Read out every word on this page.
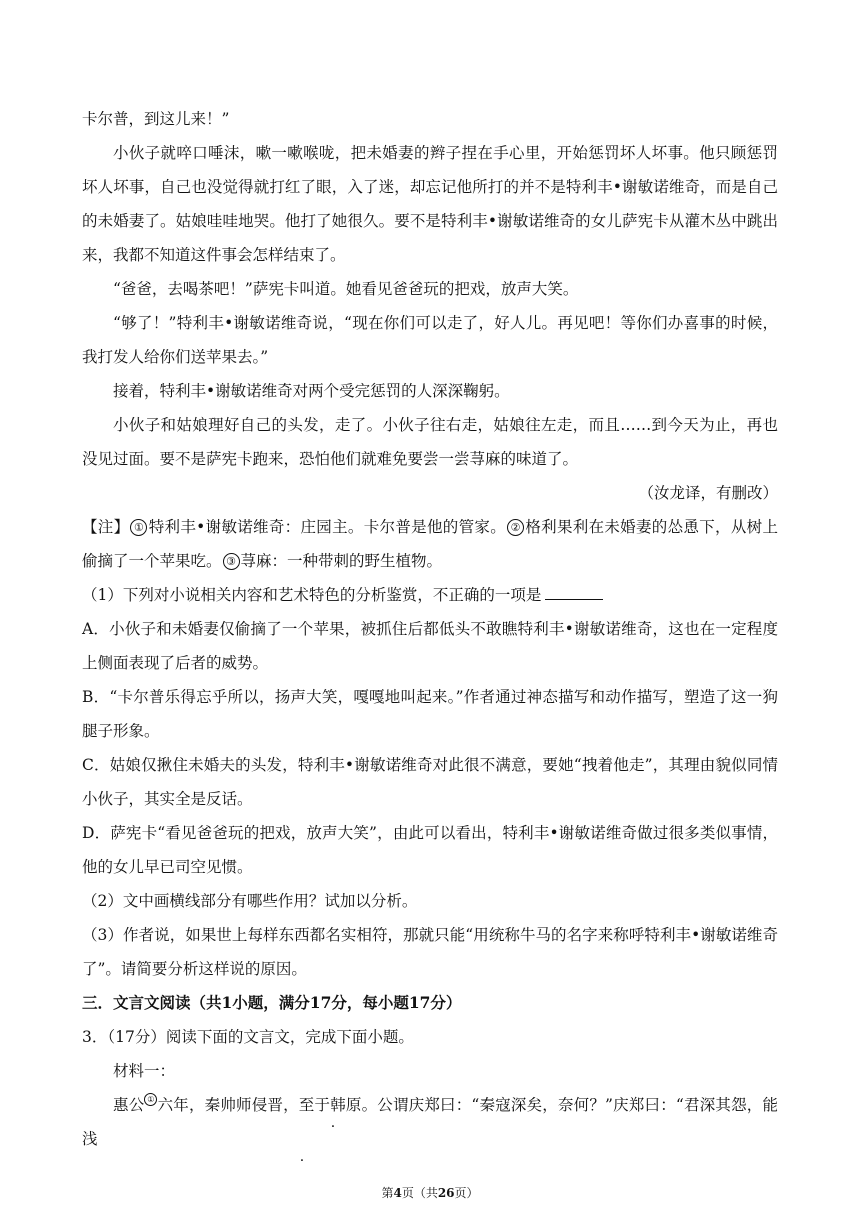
卡尔普，到这儿来！”

小伙子就啐口唾沫，嗽一嗽喉咙，把未婚妻的辫子捏在手心里，开始惩罚坏人坏事。他只顾惩罚坏人坏事，自己也没觉得就打红了眼，入了迷，却忘记他所打的并不是特利丰•谢敏诺维奇，而是自己的未婚妻了。姑娘哇哇地哭。他打了她很久。要不是特利丰•谢敏诺维奇的女儿萨宪卡从灌木丛中跳出来，我都不知道这件事会怎样结束了。

“爸爸，去喝茶吧！”萨宪卡叫道。她看见爸爸玩的把戏，放声大笑。

“够了！”特利丰•谢敏诺维奇说，“现在你们可以走了，好人儿。再见吧！等你们办喜事的时候，我打发人给你们送苹果去。”

接着，特利丰•谢敏诺维奇对两个受完惩罚的人深深鞠躬。

小伙子和姑娘理好自己的头发，走了。小伙子往右走，姑娘往左走，而且……到今天为止，再也没见过面。要不是萨宪卡跑来，恐怕他们就难免要尝一尝荨麻的味道了。

（汝龙译，有删改）

【注】 ① 特利丰•谢敏诺维奇：庄园主。卡尔普是他的管家。 ② 格利果利在未婚妻的怂恿下，从树上偷摘了一个苹果吃。 ③ 荨麻：一种带刺的野生植物。

（1）下列对小说相关内容和艺术特色的分析鉴赏，不正确的一项是

A．小伙子和未婚妻仅偷摘了一个苹果，被抓住后都低头不敢瞧特利丰•谢敏诺维奇，这也在一定程度上侧面表现了后者的威势。

B．“卡尔普乐得忘乎所以，扬声大笑，嘎嘎地叫起来。”作者通过神态描写和动作描写，塑造了这一狗腿子形象。

C．姑娘仅揪住未婚夫的头发，特利丰•谢敏诺维奇对此很不满意，要她“拽着他走”，其理由貌似同情小伙子，其实全是反话。

D．萨宪卡“看见爸爸玩的把戏，放声大笑”，由此可以看出，特利丰•谢敏诺维奇做过很多类似事情，他的女儿早已司空见惯。

（2）文中画横线部分有哪些作用？试加以分析。

（3）作者说，如果世上每样东西都名实相符，那就只能“用统称牛马的名字来称呼特利丰•谢敏诺维奇了”。请简要分析这样说的原因。

三．文言文阅读（共1小题，满分17分，每小题17分）

3．（17分）阅读下面的文言文，完成下面小题。

材料一：

惠公 ① 六年，秦帅师侵晋，至于 · ·韩原。公谓庆郑曰：“秦寇深矣，奈何？”庆郑曰：“君深其怨，能浅

第4页（共26页）
